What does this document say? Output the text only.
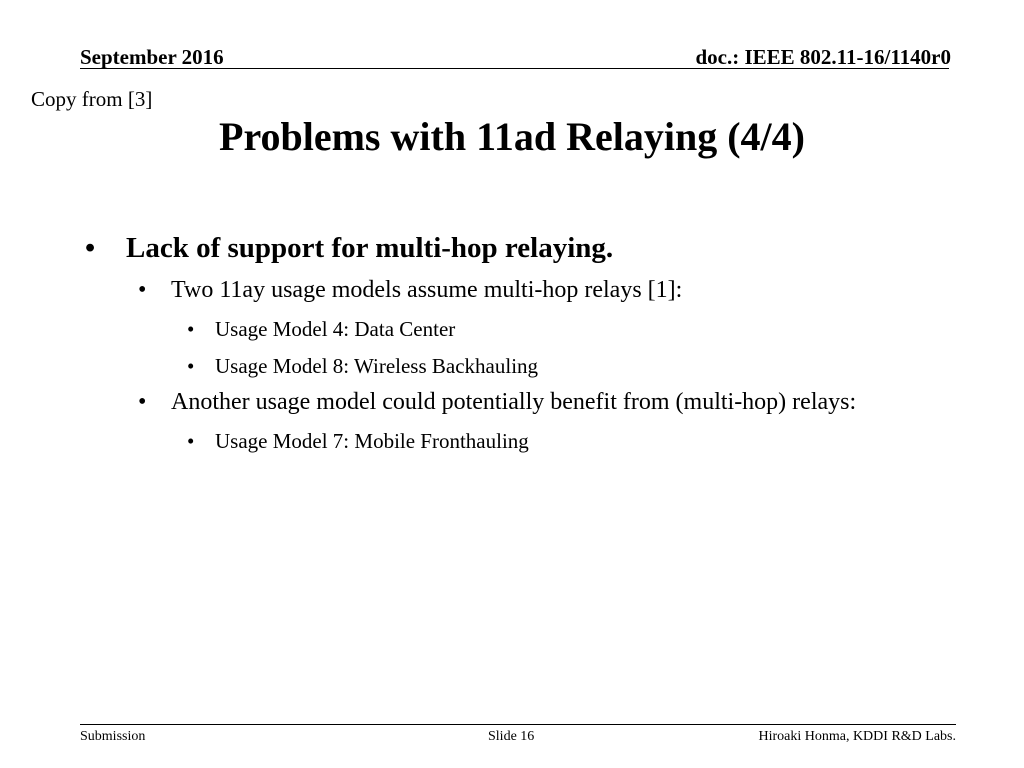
September 2016	doc.: IEEE 802.11-16/1140r0
Copy from [3]
Problems with 11ad Relaying (4/4)
• Lack of support for multi-hop relaying.
• Two 11ay usage models assume multi-hop relays [1]:
• Usage Model 4: Data Center
• Usage Model 8: Wireless Backhauling
• Another usage model could potentially benefit from (multi-hop) relays:
• Usage Model 7: Mobile Fronthauling
Submission	Slide 16	Hiroaki Honma, KDDI R&D Labs.
